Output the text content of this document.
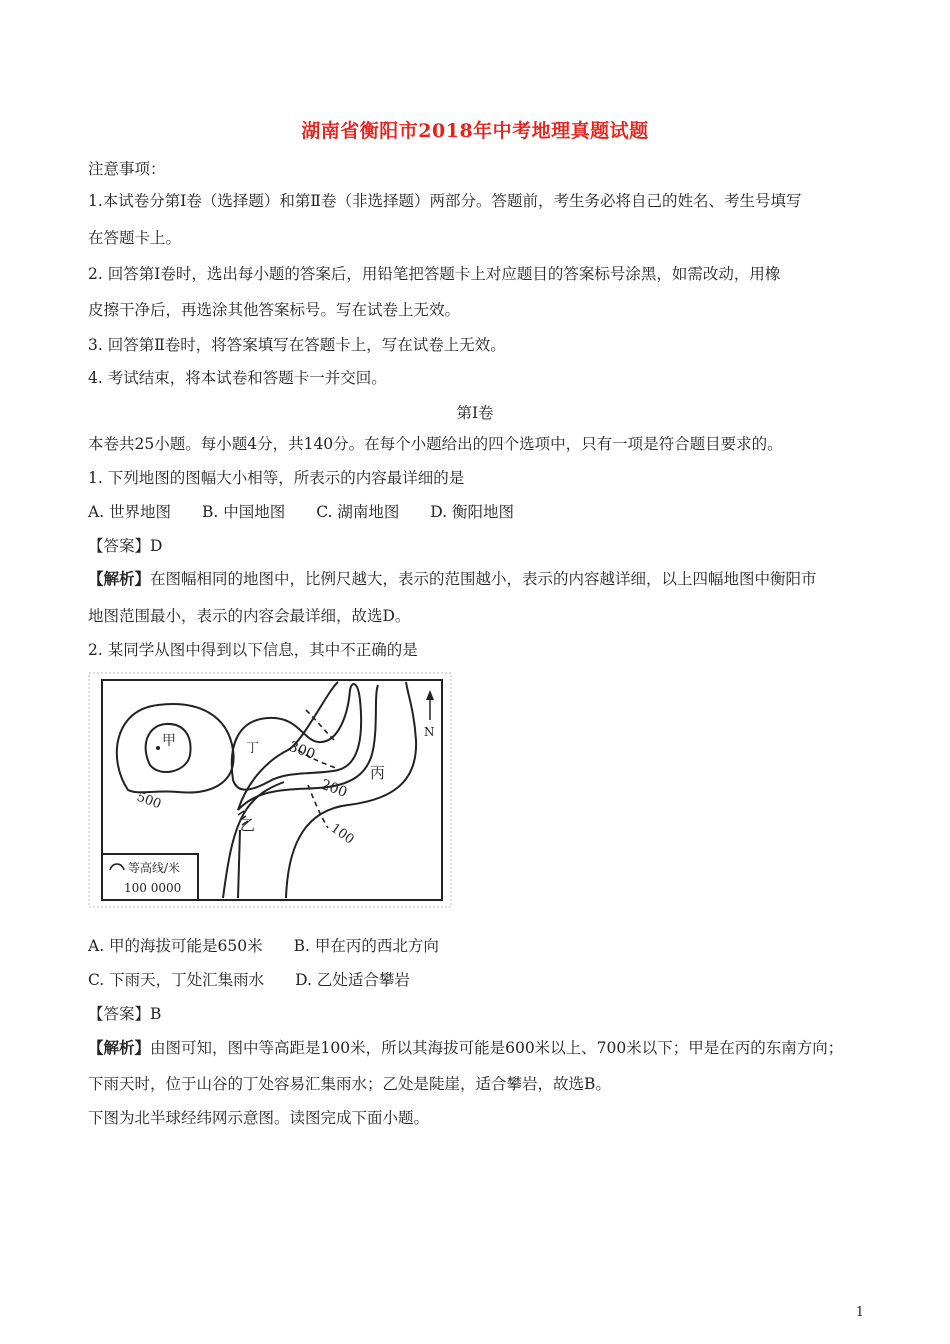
湖南省衡阳市2018年中考地理真题试题
注意事项：
1.本试卷分第Ⅰ卷（选择题）和第Ⅱ卷（非选择题）两部分。答题前，考生务必将自己的姓名、考生号填写
在答题卡上。
2. 回答第Ⅰ卷时，选出每小题的答案后，用铅笔把答题卡上对应题目的答案标号涂黑，如需改动，用橡
皮擦干净后，再选涂其他答案标号。写在试卷上无效。
3. 回答第Ⅱ卷时，将答案填写在答题卡上，写在试卷上无效。
4. 考试结束，将本试卷和答题卡一并交回。
第Ⅰ卷
本卷共25小题。每小题4分，共140分。在每个小题给出的四个选项中，只有一项是符合题目要求的。
1. 下列地图的图幅大小相等，所表示的内容最详细的是
A. 世界地图 B. 中国地图 C. 湖南地图 D. 衡阳地图
【答案】D
【解析】在图幅相同的地图中，比例尺越大，表示的范围越小，表示的内容越详细，以上四幅地图中衡阳市
地图范围最小，表示的内容会最详细，故选D。
2. 某同学从图中得到以下信息，其中不正确的是
甲
乙
丙
丁
500
300
200
100
N
等高线/米
100 0000
A. 甲的海拔可能是650米 B. 甲在丙的西北方向
C. 下雨天，丁处汇集雨水 D. 乙处适合攀岩
【答案】B
【解析】由图可知，图中等高距是100米，所以其海拔可能是600米以上、700米以下；甲是在丙的东南方向；
下雨天时，位于山谷的丁处容易汇集雨水；乙处是陡崖，适合攀岩，故选B。
下图为北半球经纬网示意图。读图完成下面小题。
1
